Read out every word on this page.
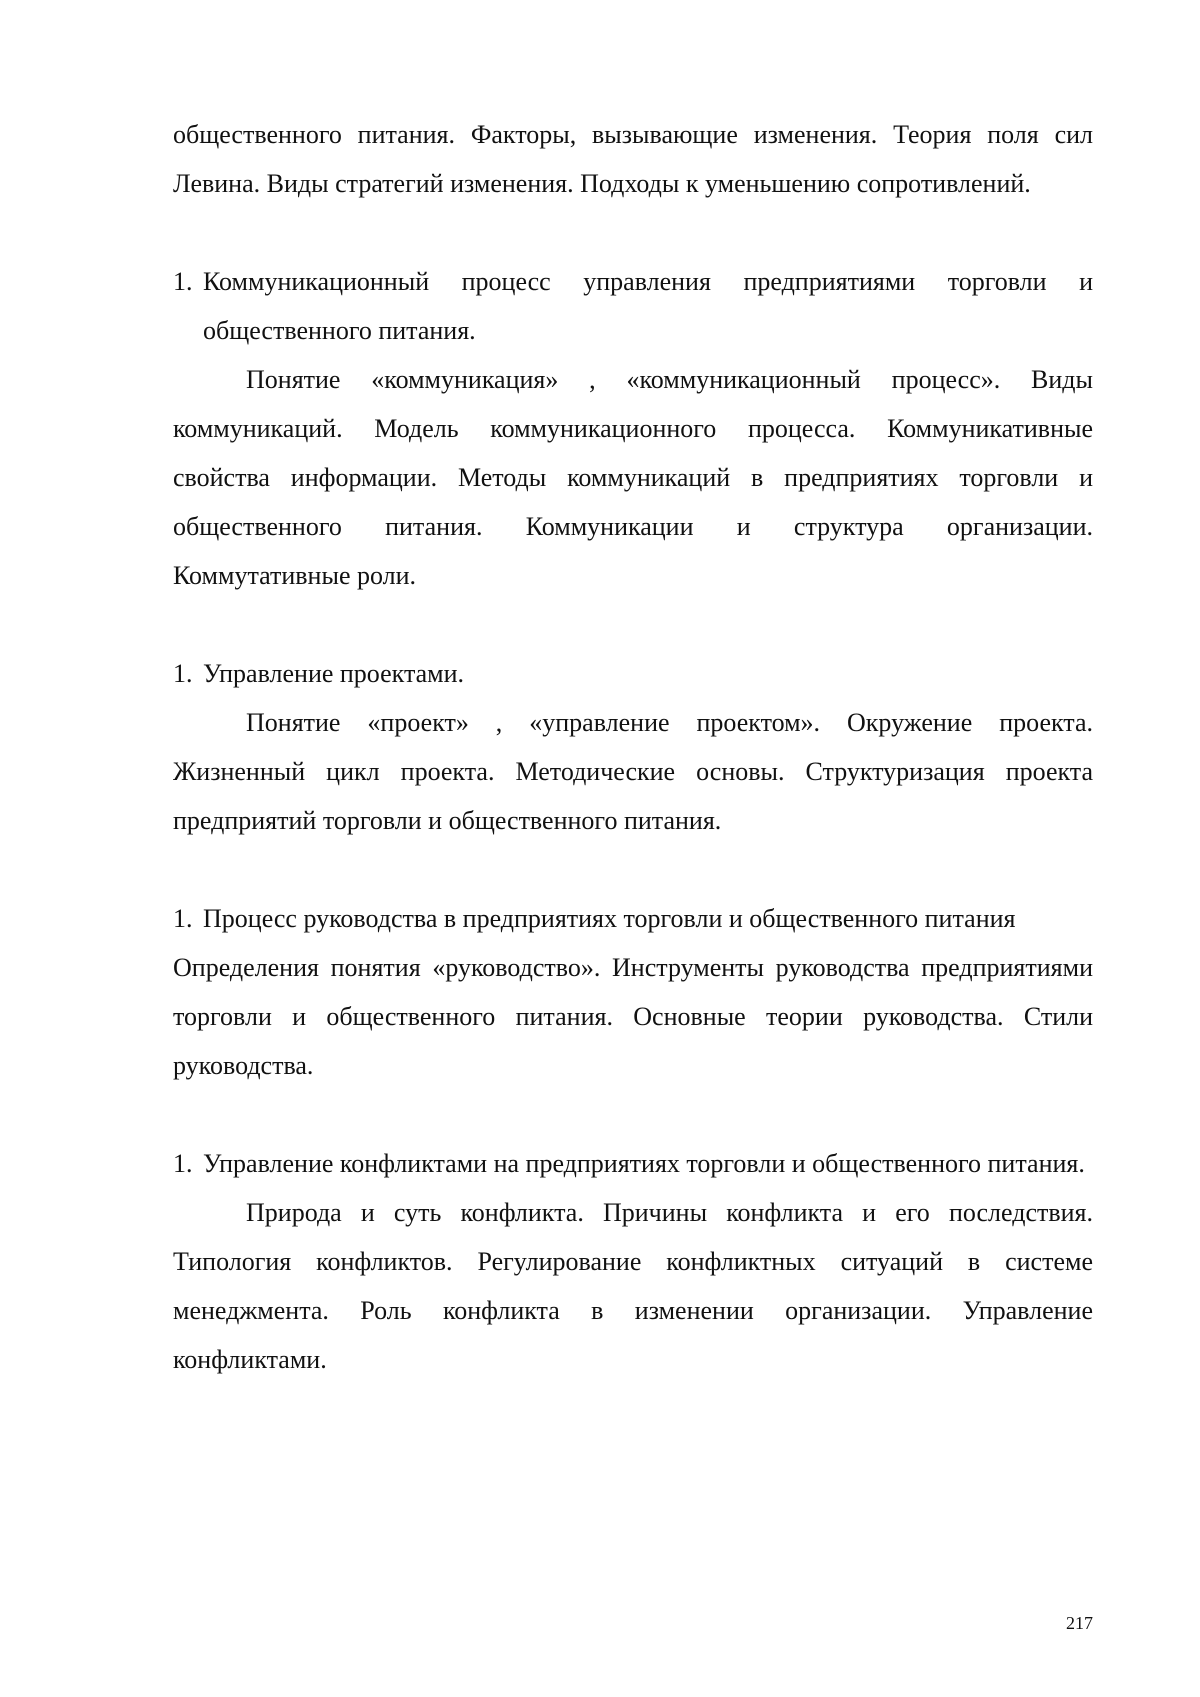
общественного питания. Факторы, вызывающие изменения. Теория поля сил Левина. Виды стратегий изменения. Подходы к уменьшению сопротивлений.

1. Коммуникационный процесс управления предприятиями торговли и общественного питания.

Понятие «коммуникация» , «коммуникационный процесс». Виды коммуникаций. Модель коммуникационного процесса. Коммуникативные свойства информации. Методы коммуникаций в предприятиях торговли и общественного питания. Коммуникации и структура организации. Коммутативные роли.

1. Управление проектами.

Понятие «проект» , «управление проектом». Окружение проекта. Жизненный цикл проекта. Методические основы. Структуризация проекта предприятий торговли и общественного питания.

1. Процесс руководства в предприятиях торговли и общественного питания

Определения понятия «руководство». Инструменты руководства предприятиями торговли и общественного питания. Основные теории руководства. Стили руководства.

1. Управление конфликтами на предприятиях торговли и общественного питания.

Природа и суть конфликта. Причины конфликта и его последствия. Типология конфликтов. Регулирование конфликтных ситуаций в системе менеджмента. Роль конфликта в изменении организации. Управление конфликтами.

217
